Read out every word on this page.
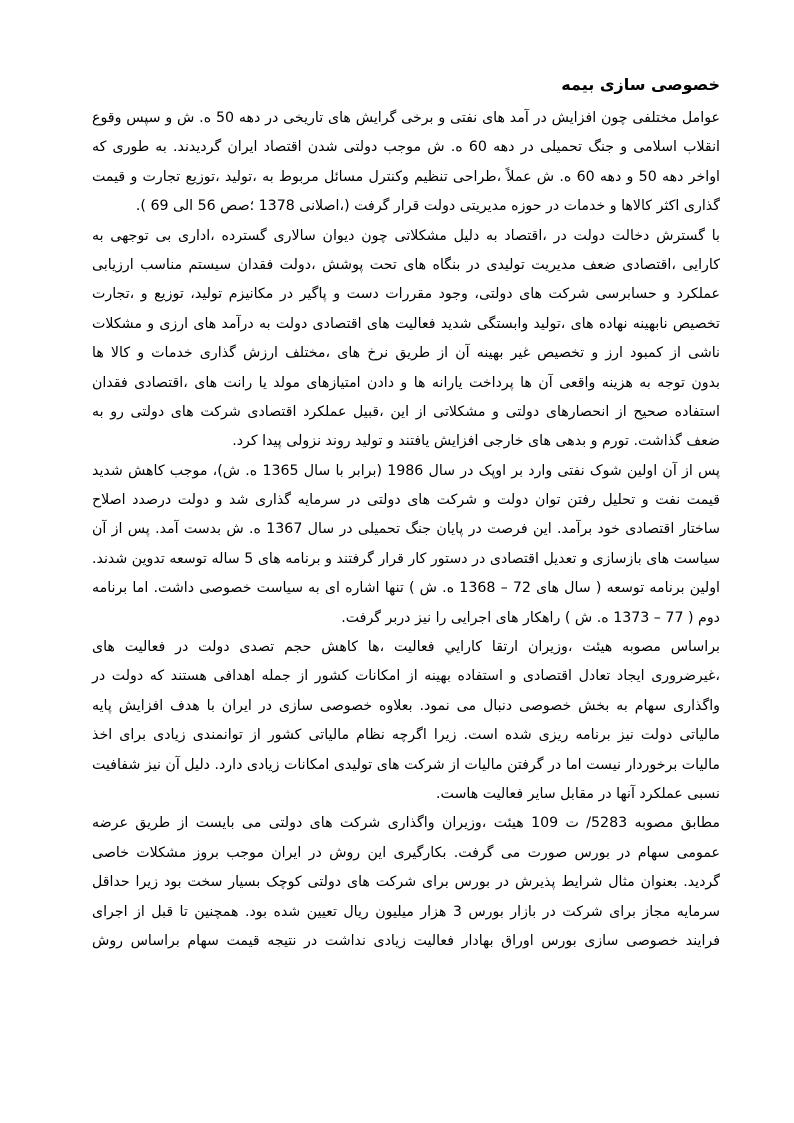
خصوصی سازی بیمه
عوامل مختلفی چون افزایش در آمد های نفتی و برخی گرایش های تاریخی در دهه 50 ه. ش و سپس وقوع
انقلاب اسلامی و جنگ تحمیلی در دهه 60 ه. ش موجب دولتی شدن اقتصاد ایران گردیدند. به طوری که
اواخر دهه 50 و دهه 60 ه. ش عملاً ،طراحی تنظیم وکنترل مسائل مربوط به ،تولید ،توزیع تجارت و قیمت
گذاری اکثر کالاها و خدمات در حوزه مدیریتی دولت قرار گرفت (،اصلانی 1378 ؛صص 56 الی 69 ).
با گسترش دخالت دولت در ،اقتصاد به دلیل مشکلاتی چون دیوان سالاری گسترده ،اداری بی توجهی به
کارایی ،اقتصادی ضعف مدیریت تولیدی در بنگاه های تحت پوشش ،دولت فقدان سیستم مناسب ارزیابی
عملکرد و حسابرسی شرکت های دولتی، وجود مقررات دست و پاگیر در مکانیزم تولید، توزیع و ،تجارت
تخصیص نابهینه نهاده های ،تولید وابستگی شدید فعالیت های اقتصادی دولت به درآمد های ارزی و مشکلات
ناشی از کمبود ارز و تخصیص غیر بهینه آن از طریق نرخ های ،مختلف ارزش گذاری خدمات و کالا ها
بدون توجه به هزینه واقعی آن ها پرداخت یارانه ها و دادن امتیازهای مولد یا رانت های ،اقتصادی فقدان
استفاده صحیح از انحصارهای دولتی و مشکلاتی از این ،قبیل عملکرد اقتصادی شرکت های دولتی رو به
ضعف گذاشت. تورم و بدهی های خارجی افزایش یافتند و تولید روند نزولی پیدا کرد.
پس از آن اولین شوک نفتی وارد بر اوپک در سال 1986 (برابر با سال 1365 ه. ش)، موجب کاهش شدید
قیمت نفت و تحلیل رفتن توان دولت و شرکت های دولتی در سرمایه گذاری شد و دولت درصدد اصلاح
ساختار اقتصادی خود برآمد. این فرصت در پایان جنگ تحمیلی در سال 1367 ه. ش بدست آمد. پس از آن
سیاست های بازسازی و تعدیل اقتصادی در دستور کار قرار گرفتند و برنامه های 5 ساله توسعه تدوین شدند.
اولین برنامه توسعه ( سال های 72 – 1368 ه. ش ) تنها اشاره ای به سیاست خصوصی داشت. اما برنامه
دوم ( 77 – 1373 ه. ش ) راهکار های اجرایی را نیز دربر گرفت.
براساس مصوبه هیئت ،وزیران ارتقا کارایي فعالیت ،ها کاهش حجم تصدی دولت در فعالیت های
،غیرضروری ایجاد تعادل اقتصادی و استفاده بهینه از امکانات کشور از جمله اهدافی هستند که دولت در
واگذاری سهام به بخش خصوصی دنبال می نمود. بعلاوه خصوصی سازی در ایران با هدف افزایش پایه
مالیاتی دولت نیز برنامه ریزی شده است. زیرا اگرچه نظام مالیاتی کشور از توانمندی زیادی برای اخذ
مالیات برخوردار نیست اما در گرفتن مالیات از شرکت های تولیدی امکانات زیادی دارد. دلیل آن نیز شفافیت
نسبی عملکرد آنها در مقابل سایر فعالیت هاست.
مطابق مصوبه 5283/ ت 109 هیئت ،وزیران واگذاری شرکت های دولتی می بایست از طریق عرضه
عمومی سهام در بورس صورت می گرفت. بکارگیری این روش در ایران موجب بروز مشکلات خاصی
گردید. بعنوان مثال شرایط پذیرش در بورس برای شرکت های دولتی کوچک بسیار سخت بود زیرا حداقل
سرمایه مجاز برای شرکت در بازار بورس 3 هزار میلیون ریال تعیین شده بود. همچنین تا قبل از اجرای
فرایند خصوصی سازی بورس اوراق بهادار فعالیت زیادی نداشت در نتیجه قیمت سهام براساس روش
